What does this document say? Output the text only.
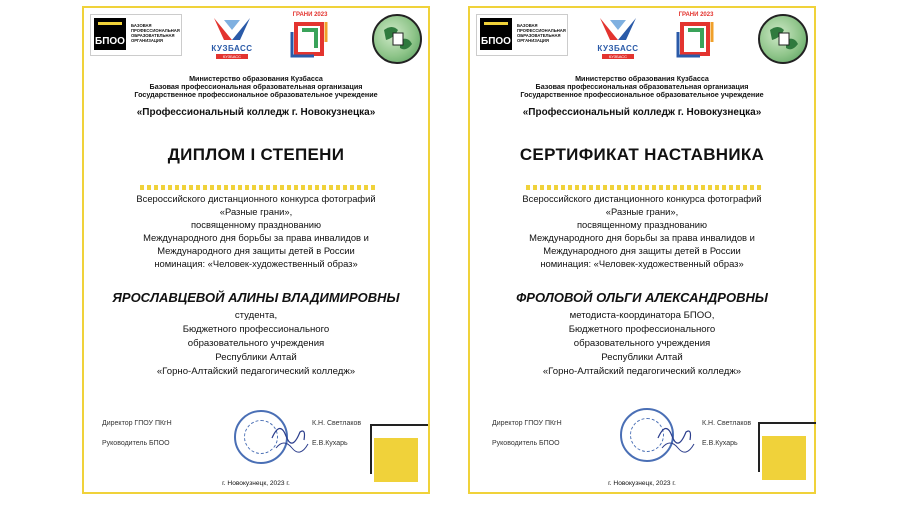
БПОО
БАЗОВАЯ ПРОФЕССИОНАЛЬНАЯ ОБРАЗОВАТЕЛЬНАЯ ОРГАНИЗАЦИЯ
КУЗБАСС
КУЗБАСС
ГРАНИ 2023
Министерство образования Кузбасса
Базовая профессиональная образовательная организация
Государственное профессиональное образовательное учреждение
«Профессиональный колледж г. Новокузнецка»
ДИПЛОМ I СТЕПЕНИ
Всероссийского дистанционного конкурса фотографий
«Разные грани»,
посвященному празднованию
Международного дня борьбы за права инвалидов и
Международного дня защиты детей в России
номинация: «Человек-художественный образ»
ЯРОСЛАВЦЕВОЙ АЛИНЫ ВЛАДИМИРОВНЫ
студента,
Бюджетного профессионального
образовательного учреждения
Республики Алтай
«Горно-Алтайский педагогический колледж»
Директор ГПОУ ПКгН
Руководитель БПОО
К.Н. Светлаков
Е.В.Кухарь
г. Новокузнецк, 2023 г.
БПОО
БАЗОВАЯ ПРОФЕССИОНАЛЬНАЯ ОБРАЗОВАТЕЛЬНАЯ ОРГАНИЗАЦИЯ
КУЗБАСС
КУЗБАСС
ГРАНИ 2023
Министерство образования Кузбасса
Базовая профессиональная образовательная организация
Государственное профессиональное образовательное учреждение
«Профессиональный колледж г. Новокузнецка»
СЕРТИФИКАТ НАСТАВНИКА
Всероссийского дистанционного конкурса фотографий
«Разные грани»,
посвященному празднованию
Международного дня борьбы за права инвалидов и
Международного дня защиты детей в России
номинация: «Человек-художественный образ»
ФРОЛОВОЙ ОЛЬГИ АЛЕКСАНДРОВНЫ
методиста-координатора БПОО,
Бюджетного профессионального
образовательного учреждения
Республики Алтай
«Горно-Алтайский педагогический колледж»
Директор ГПОУ ПКгН
Руководитель БПОО
К.Н. Светлаков
Е.В.Кухарь
г. Новокузнецк, 2023 г.
